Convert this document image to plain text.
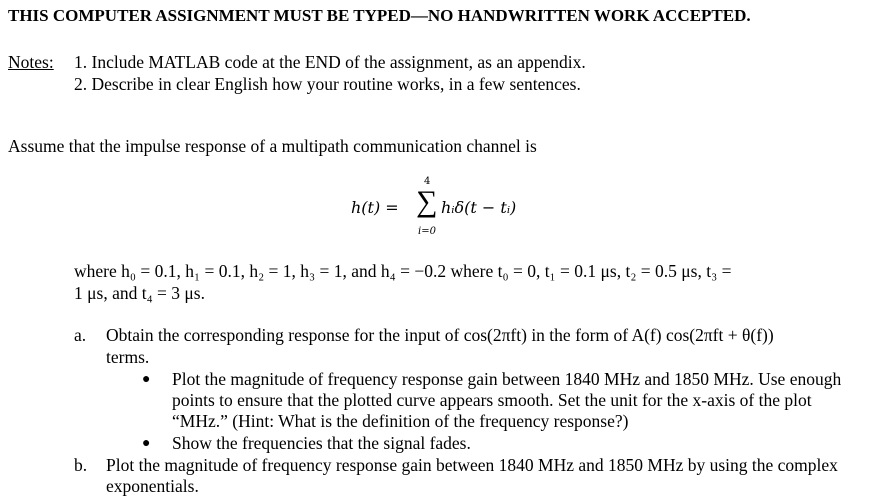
THIS COMPUTER ASSIGNMENT MUST BE TYPED—NO HANDWRITTEN WORK ACCEPTED.
Notes: 1. Include MATLAB code at the END of the assignment, as an appendix.
2. Describe in clear English how your routine works, in a few sentences.
Assume that the impulse response of a multipath communication channel is
h(t) =
4
∑
i=0
hᵢδ(t − tᵢ)
where h₀ = 0.1, h₁ = 0.1, h₂ = 1, h₃ = 1, and h₄ = −0.2 where t₀ = 0, t₁ = 0.1 μs, t₂ = 0.5 μs, t₃ =
1 μs, and t₄ = 3 μs.
a. Obtain the corresponding response for the input of cos(2πft) in the form of A(f) cos(2πft + θ(f))
terms.
● Plot the magnitude of frequency response gain between 1840 MHz and 1850 MHz. Use enough
points to ensure that the plotted curve appears smooth. Set the unit for the x-axis of the plot
“MHz.” (Hint: What is the definition of the frequency response?)
● Show the frequencies that the signal fades.
b. Plot the magnitude of frequency response gain between 1840 MHz and 1850 MHz by using the complex
exponentials.
